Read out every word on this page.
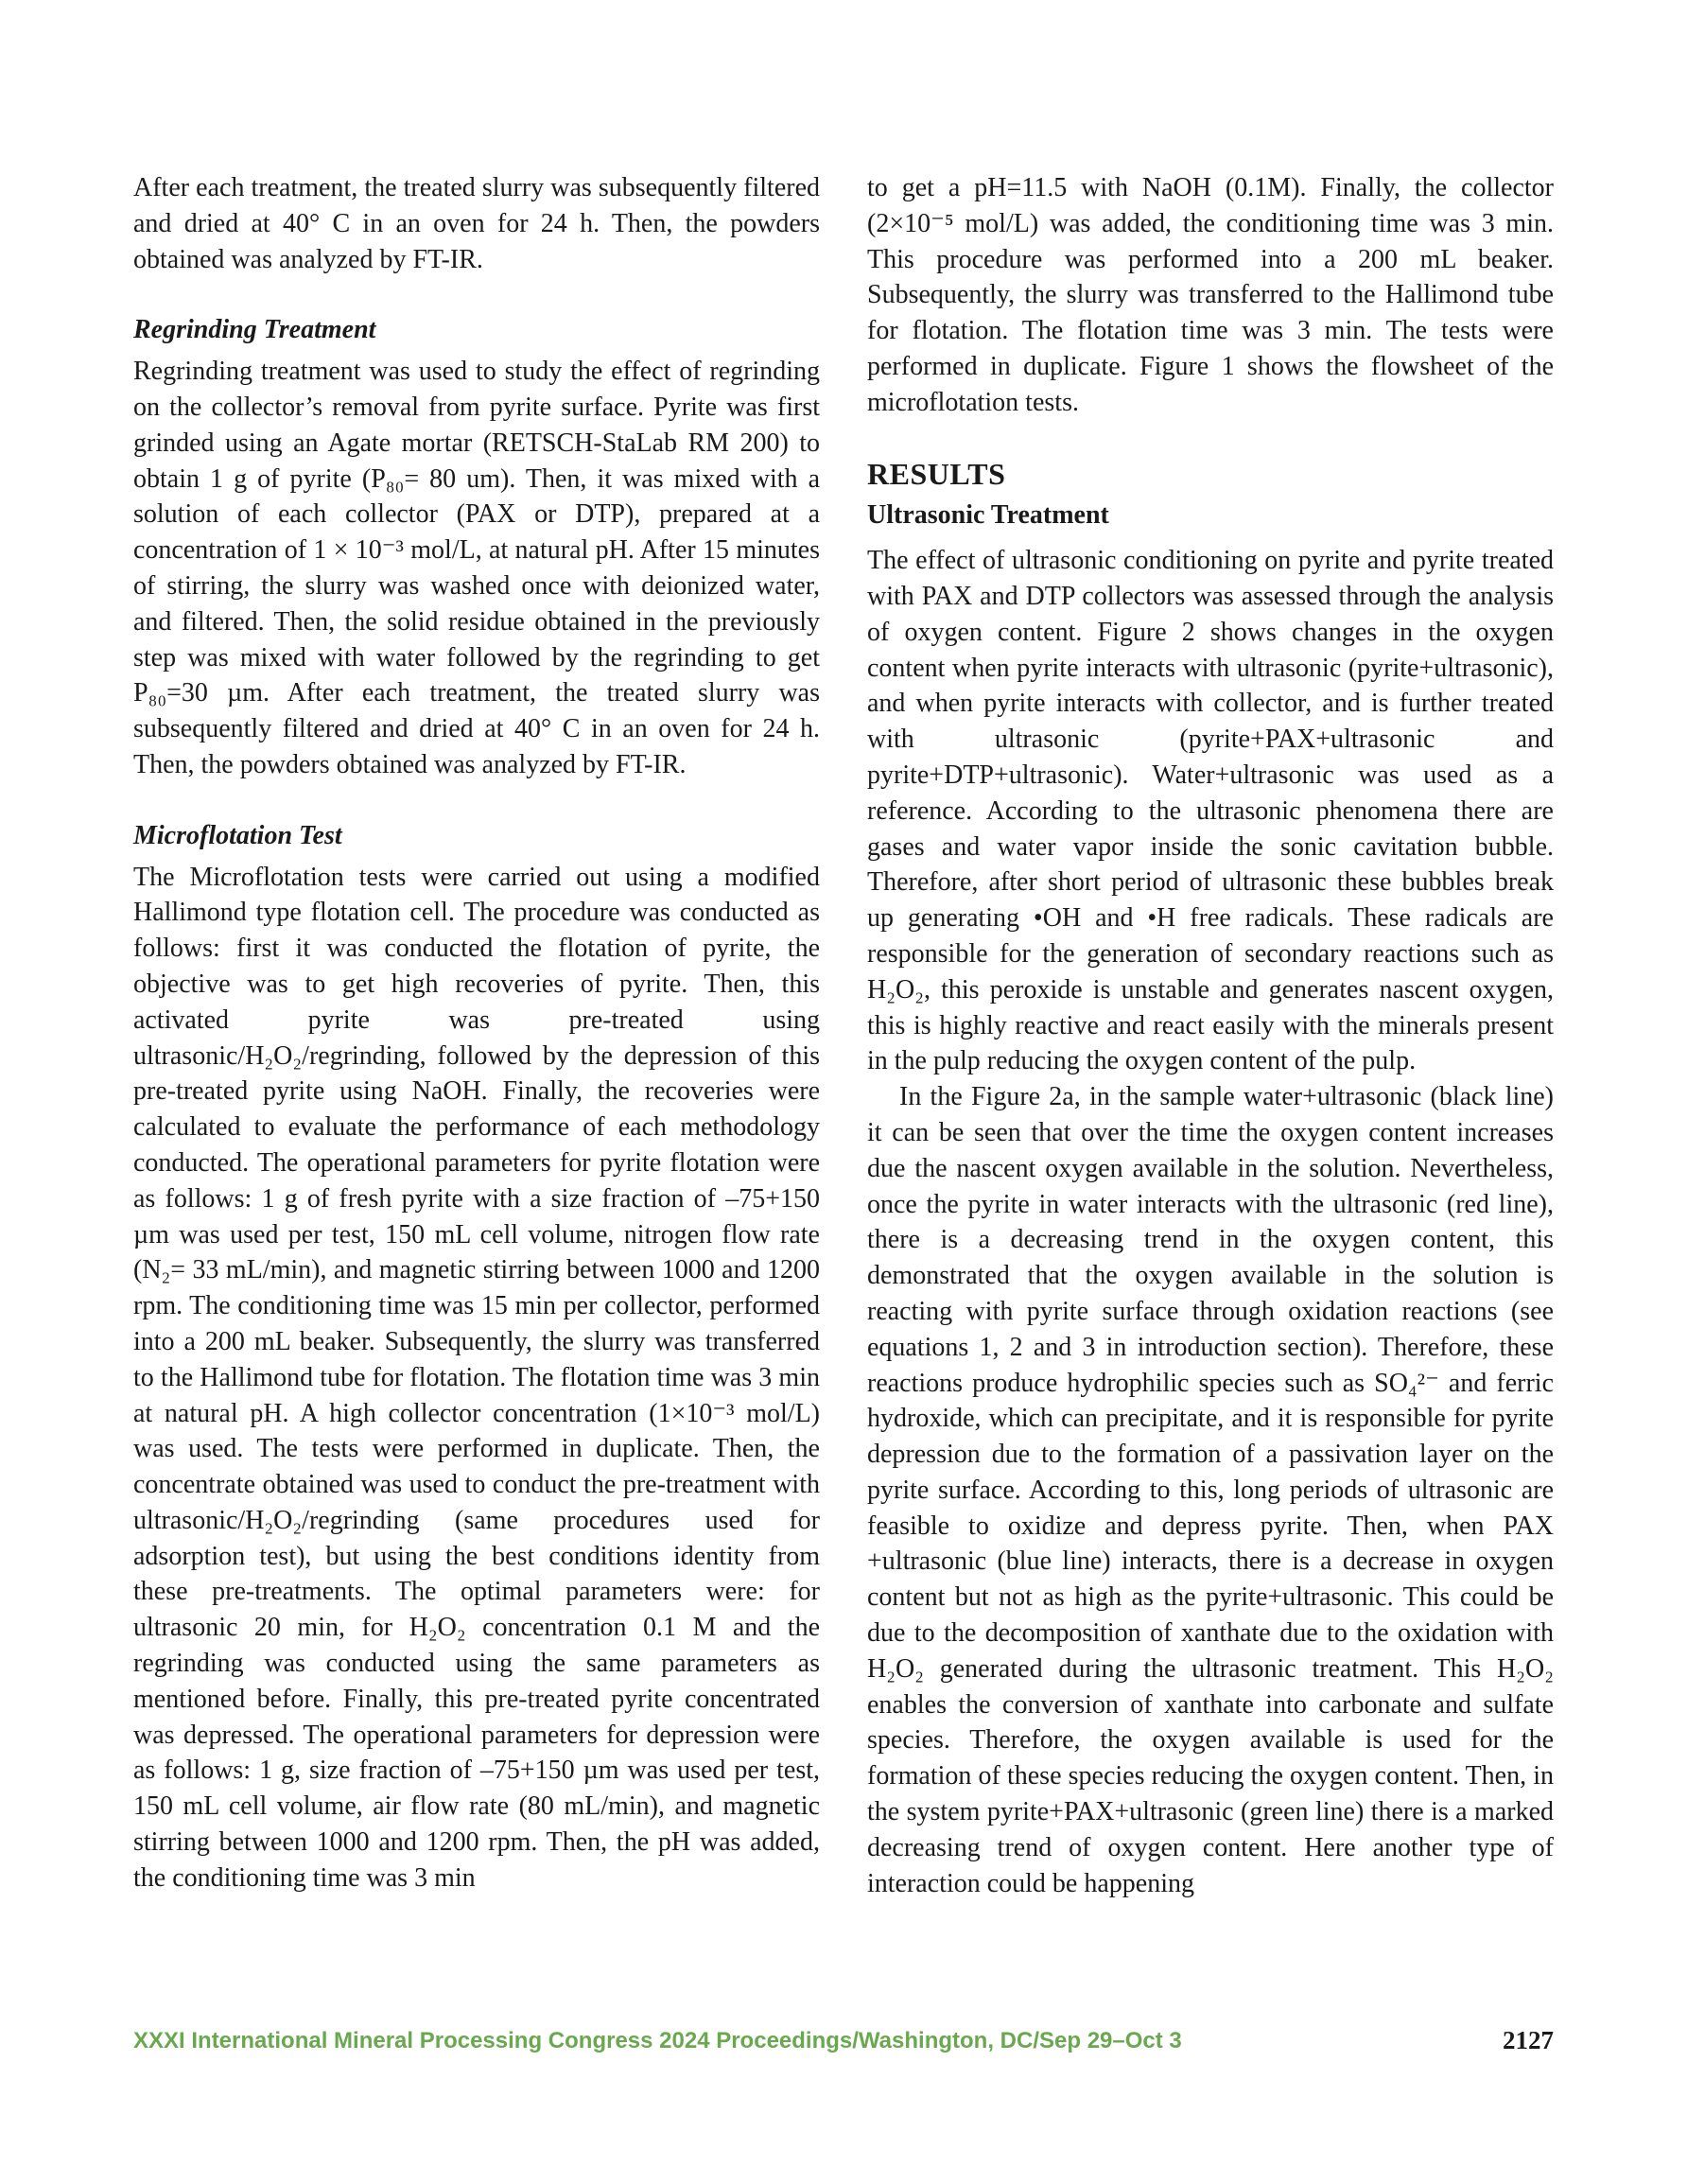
After each treatment, the treated slurry was subsequently filtered and dried at 40° C in an oven for 24 h. Then, the powders obtained was analyzed by FT-IR.

Regrinding Treatment

Regrinding treatment was used to study the effect of regrinding on the collector’s removal from pyrite surface. Pyrite was first grinded using an Agate mortar (RETSCH-StaLab RM 200) to obtain 1 g of pyrite (P₈₀= 80 um). Then, it was mixed with a solution of each collector (PAX or DTP), prepared at a concentration of 1 × 10⁻³ mol/L, at natural pH. After 15 minutes of stirring, the slurry was washed once with deionized water, and filtered. Then, the solid residue obtained in the previously step was mixed with water followed by the regrinding to get P₈₀=30 µm. After each treatment, the treated slurry was subsequently filtered and dried at 40° C in an oven for 24 h. Then, the powders obtained was analyzed by FT-IR.

Microflotation Test

The Microflotation tests were carried out using a modified Hallimond type flotation cell. The procedure was conducted as follows: first it was conducted the flotation of pyrite, the objective was to get high recoveries of pyrite. Then, this activated pyrite was pre-treated using ultrasonic/H₂O₂/regrinding, followed by the depression of this pre-treated pyrite using NaOH. Finally, the recoveries were calculated to evaluate the performance of each methodology conducted. The operational parameters for pyrite flotation were as follows: 1 g of fresh pyrite with a size fraction of –75+150 µm was used per test, 150 mL cell volume, nitrogen flow rate (N₂= 33 mL/min), and magnetic stirring between 1000 and 1200 rpm. The conditioning time was 15 min per collector, performed into a 200 mL beaker. Subsequently, the slurry was transferred to the Hallimond tube for flotation. The flotation time was 3 min at natural pH. A high collector concentration (1×10⁻³ mol/L) was used. The tests were performed in duplicate. Then, the concentrate obtained was used to conduct the pre-treatment with ultrasonic/H₂O₂/regrinding (same procedures used for adsorption test), but using the best conditions identity from these pre-treatments. The optimal parameters were: for ultrasonic 20 min, for H₂O₂ concentration 0.1 M and the regrinding was conducted using the same parameters as mentioned before. Finally, this pre-treated pyrite concentrated was depressed. The operational parameters for depression were as follows: 1 g, size fraction of –75+150 µm was used per test, 150 mL cell volume, air flow rate (80 mL/min), and magnetic stirring between 1000 and 1200 rpm. Then, the pH was added, the conditioning time was 3 min

to get a pH=11.5 with NaOH (0.1M). Finally, the collector (2×10⁻⁵ mol/L) was added, the conditioning time was 3 min. This procedure was performed into a 200 mL beaker. Subsequently, the slurry was transferred to the Hallimond tube for flotation. The flotation time was 3 min. The tests were performed in duplicate. Figure 1 shows the flowsheet of the microflotation tests.

RESULTS
Ultrasonic Treatment

The effect of ultrasonic conditioning on pyrite and pyrite treated with PAX and DTP collectors was assessed through the analysis of oxygen content. Figure 2 shows changes in the oxygen content when pyrite interacts with ultrasonic (pyrite+ultrasonic), and when pyrite interacts with collector, and is further treated with ultrasonic (pyrite+PAX+ultrasonic and pyrite+DTP+ultrasonic). Water+ultrasonic was used as a reference. According to the ultrasonic phenomena there are gases and water vapor inside the sonic cavitation bubble. Therefore, after short period of ultrasonic these bubbles break up generating •OH and •H free radicals. These radicals are responsible for the generation of secondary reactions such as H₂O₂, this peroxide is unstable and generates nascent oxygen, this is highly reactive and react easily with the minerals present in the pulp reducing the oxygen content of the pulp.

In the Figure 2a, in the sample water+ultrasonic (black line) it can be seen that over the time the oxygen content increases due the nascent oxygen available in the solution. Nevertheless, once the pyrite in water interacts with the ultrasonic (red line), there is a decreasing trend in the oxygen content, this demonstrated that the oxygen available in the solution is reacting with pyrite surface through oxidation reactions (see equations 1, 2 and 3 in introduction section). Therefore, these reactions produce hydrophilic species such as SO₄²⁻ and ferric hydroxide, which can precipitate, and it is responsible for pyrite depression due to the formation of a passivation layer on the pyrite surface. According to this, long periods of ultrasonic are feasible to oxidize and depress pyrite. Then, when PAX +ultrasonic (blue line) interacts, there is a decrease in oxygen content but not as high as the pyrite+ultrasonic. This could be due to the decomposition of xanthate due to the oxidation with H₂O₂ generated during the ultrasonic treatment. This H₂O₂ enables the conversion of xanthate into carbonate and sulfate species. Therefore, the oxygen available is used for the formation of these species reducing the oxygen content. Then, in the system pyrite+PAX+ultrasonic (green line) there is a marked decreasing trend of oxygen content. Here another type of interaction could be happening

XXXI International Mineral Processing Congress 2024 Proceedings/Washington, DC/Sep 29–Oct 3	2127
